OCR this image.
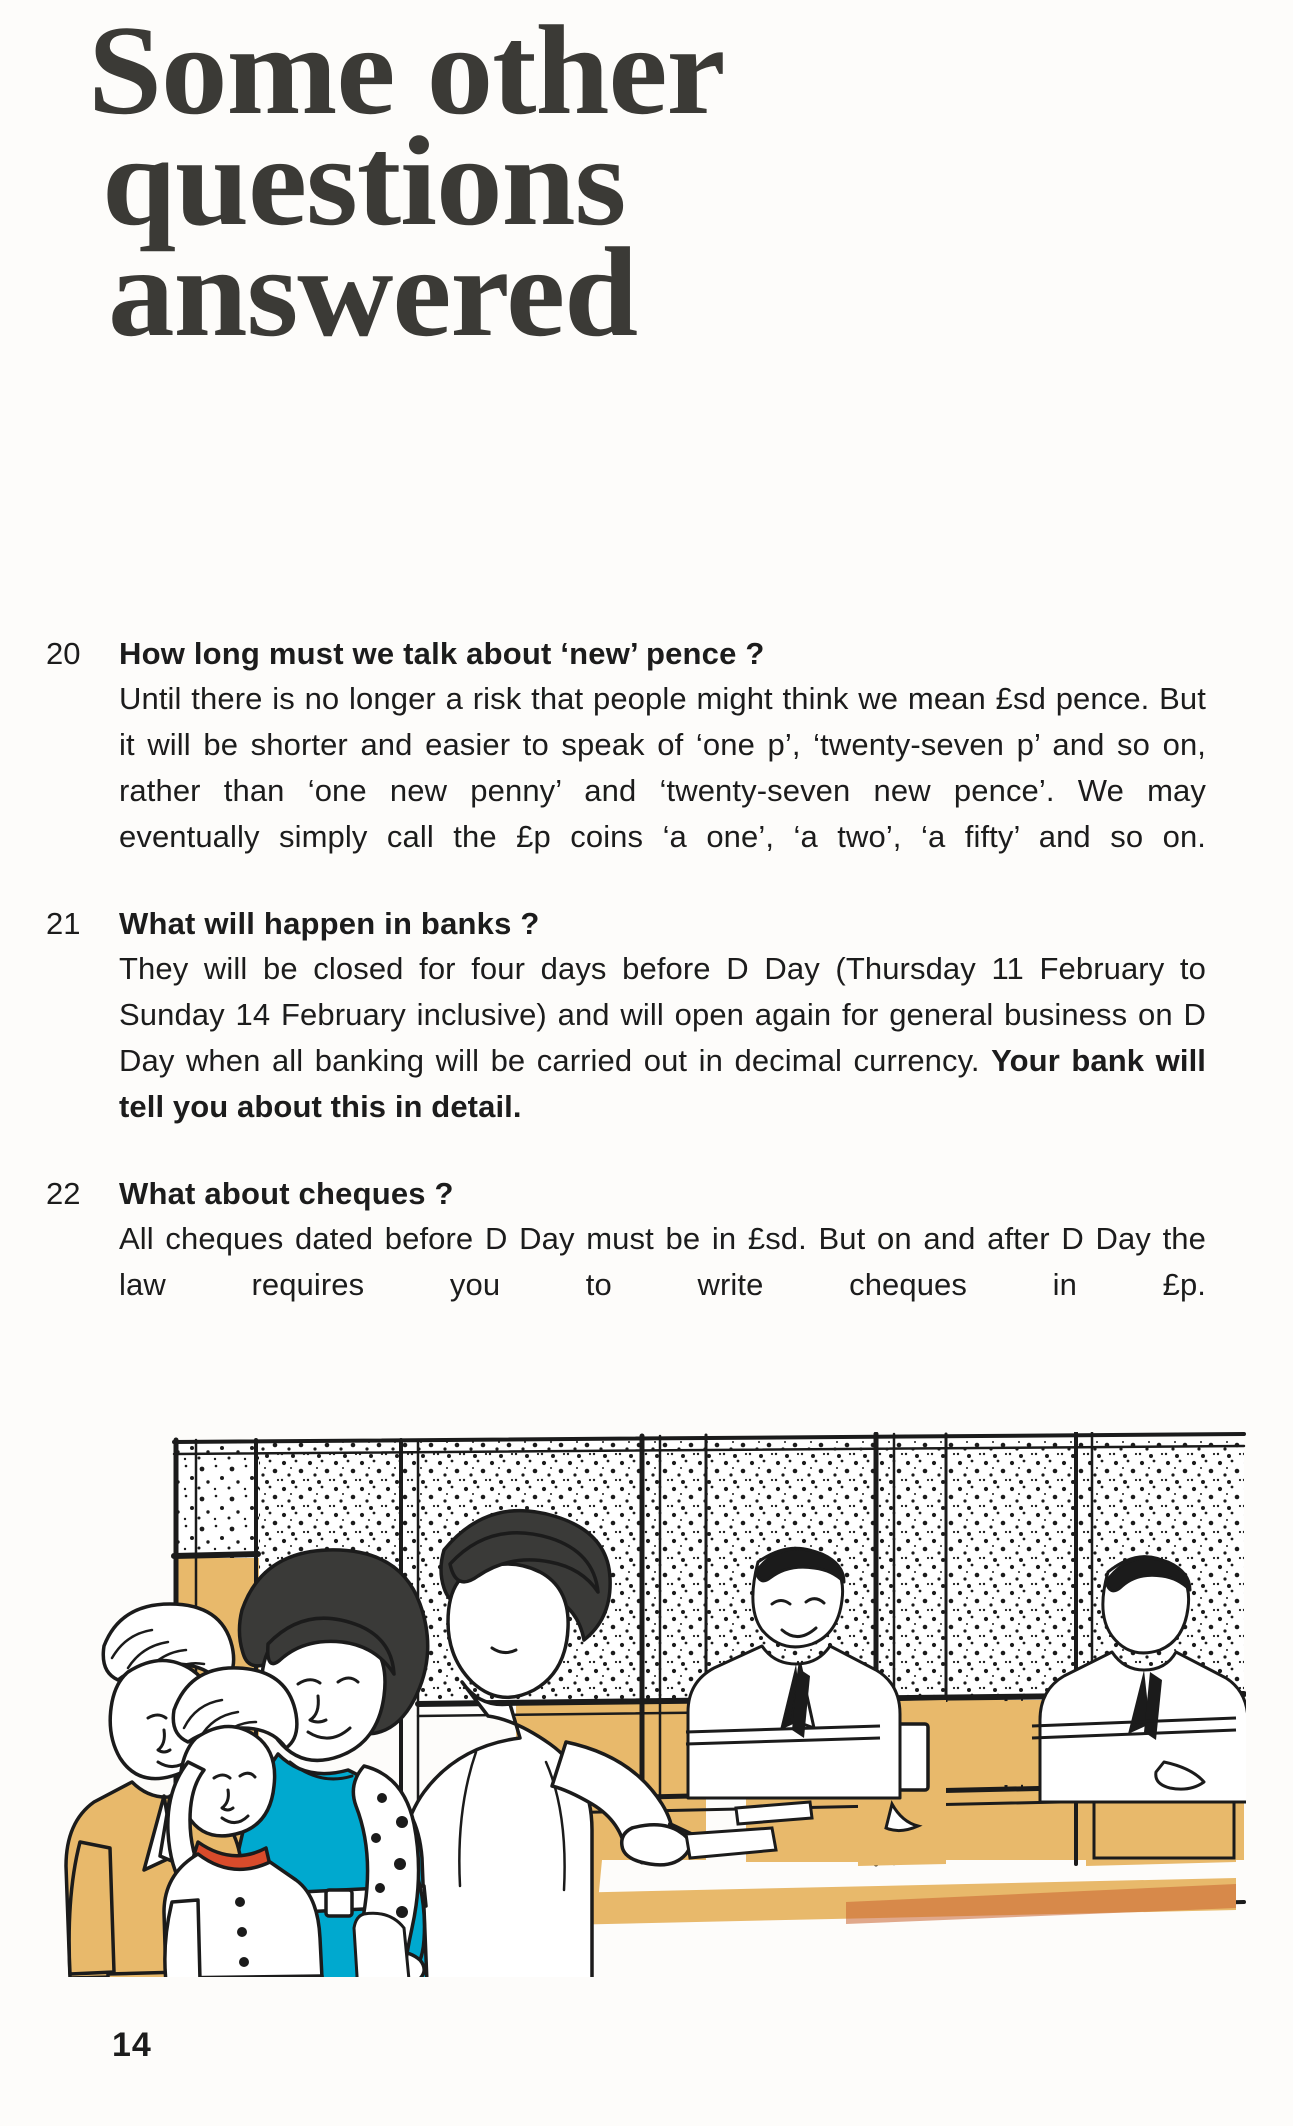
Some other
questions
answered
20	How long must we talk about ‘new’ pence ?

Until there is no longer a risk that people might think we mean £sd pence. But it will be shorter and easier to speak of ‘one p’, ‘twenty-seven p’ and so on, rather than ‘one new penny’ and ‘twenty-seven new pence’. We may eventually simply call the £p coins ‘a one’, ‘a two’, ‘a fifty’ and so on.

21	What will happen in banks ?

They will be closed for four days before D Day (Thursday 11 February to Sunday 14 February inclusive) and will open again for general business on D Day when all banking will be carried out in decimal currency. Your bank will tell you about this in detail.

22	What about cheques ?

All cheques dated before D Day must be in £sd. But on and after D Day the law requires you to write cheques in £p.

14
